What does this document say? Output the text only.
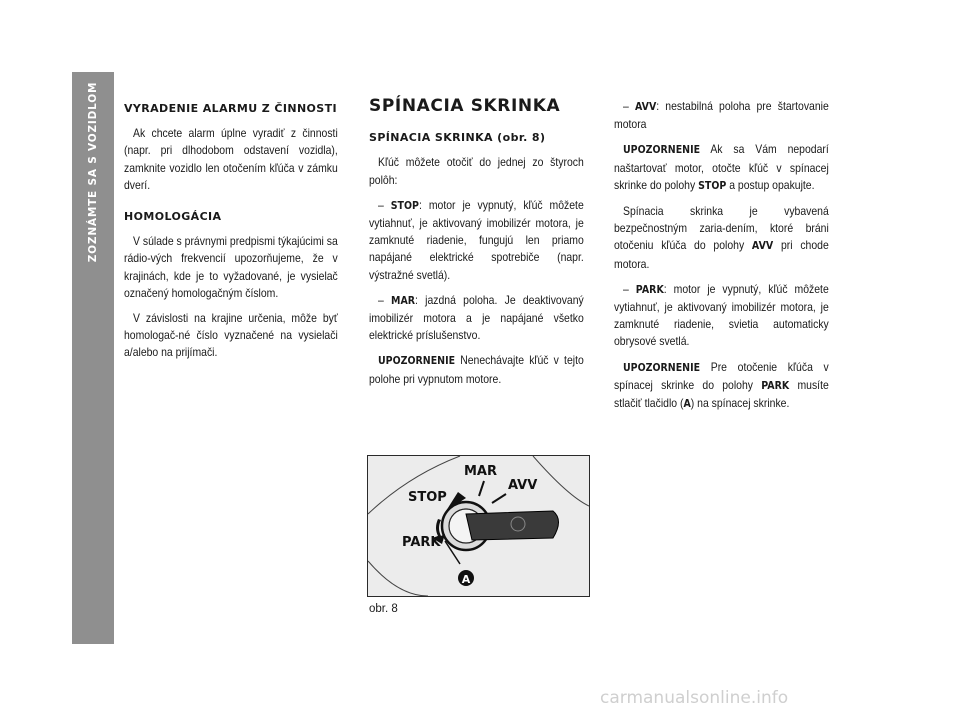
ZOZNÁMTE SA S VOZIDLOM
14
VYRADENIE ALARMU Z ČINNOSTI

Ak chcete alarm úplne vyradiť z činnosti (napr. pri dlhodobom odstavení vozidla), zamknite vozidlo len otočením kľúča v zámku dverí.

HOMOLOGÁCIA

V súlade s právnymi predpismi týkajúcimi sa rádio-vých frekvencií upozorňujeme, že v krajinách, kde je to vyžadované, je vysielač označený homologačným číslom.

V závislosti na krajine určenia, môže byť homologač-né číslo vyznačené na vysielači a/alebo na prijímači.

SPÍNACIA SKRINKA
SPÍNACIA SKRINKA (obr. 8)

Kľúč môžete otočiť do jednej zo štyroch polôh:

– STOP: motor je vypnutý, kľúč môžete vytiahnuť, je aktivovaný imobilizér motora, je zamknuté riadenie, fungujú len priamo napájané elektrické spotrebiče (napr. výstražné svetlá).

– MAR: jazdná poloha. Je deaktivovaný imobilizér motora a je napájané všetko elektrické príslušenstvo.

UPOZORNENIE Nenechávajte kľúč v tejto polohe pri vypnutom motore.

– AVV: nestabilná poloha pre štartovanie motora

UPOZORNENIE Ak sa Vám nepodarí naštartovať motor, otočte kľúč v spínacej skrinke do polohy STOP a postup opakujte.

Spínacia skrinka je vybavená bezpečnostným zaria-dením, ktoré bráni otočeniu kľúča do polohy AVV pri chode motora.

– PARK: motor je vypnutý, kľúč môžete vytiahnuť, je aktivovaný imobilizér motora, je zamknuté riadenie, svietia automaticky obrysové svetlá.

UPOZORNENIE Pre otočenie kľúča v spínacej skrinke do polohy PARK musíte stlačiť tlačidlo (A) na spínacej skrinke.

A
MAR
AVV
STOP
PARK
obr. 8
carmanualsonline.info
